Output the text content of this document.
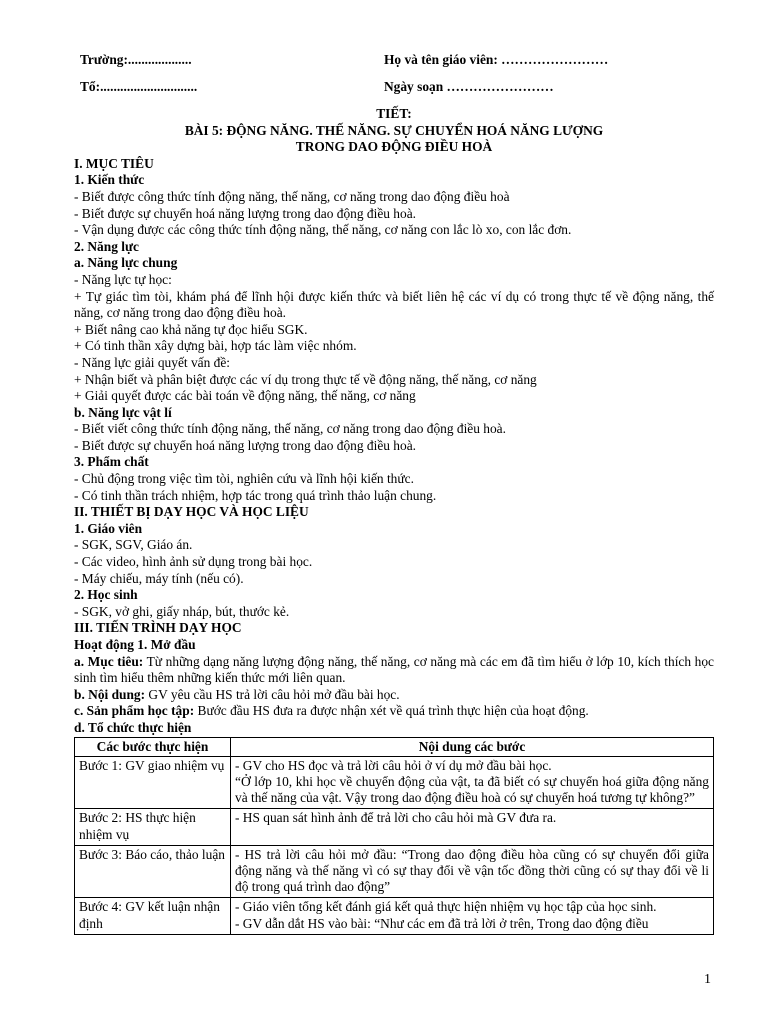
Trường:...................	Họ và tên giáo viên: ……………………
Tổ:.............................	Ngày soạn ……………………
TIẾT:
BÀI 5: ĐỘNG NĂNG. THẾ NĂNG. SỰ CHUYỂN HOÁ NĂNG LƯỢNG
TRONG DAO ĐỘNG ĐIỀU HOÀ
I. MỤC TIÊU
1. Kiến thức
- Biết được công thức tính động năng, thế năng, cơ năng trong dao động điều hoà
- Biết được sự chuyển hoá năng lượng trong dao động điều hoà.
- Vận dụng được các công thức tính động năng, thế năng, cơ năng con lắc lò xo, con lắc đơn.
2. Năng lực
a. Năng lực chung
- Năng lực tự học:
+ Tự giác tìm tòi, khám phá để lĩnh hội được kiến thức và biết liên hệ các ví dụ có trong thực tế về động năng, thế năng, cơ năng trong dao động điều hoà.
+ Biết nâng cao khả năng tự đọc hiểu SGK.
+ Có tinh thần xây dựng bài, hợp tác làm việc nhóm.
- Năng lực giải quyết vấn đề:
+ Nhận biết và phân biệt được các ví dụ trong thực tế về động năng, thế năng, cơ năng
+ Giải quyết được các bài toán về động năng, thế năng, cơ năng
b. Năng lực vật lí
- Biết viết công thức tính động năng, thế năng, cơ năng trong dao động điều hoà.
- Biết được sự chuyển hoá năng lượng trong dao động điều hoà.
3. Phẩm chất
- Chủ động trong việc tìm tòi, nghiên cứu và lĩnh hội kiến thức.
- Có tinh thần trách nhiệm, hợp tác trong quá trình thảo luận chung.
II. THIẾT BỊ DẠY HỌC VÀ HỌC LIỆU
1. Giáo viên
- SGK, SGV, Giáo án.
- Các video, hình ảnh sử dụng trong bài học.
- Máy chiếu, máy tính (nếu có).
2. Học sinh
- SGK, vở ghi, giấy nháp, bút, thước kẻ.
III. TIẾN TRÌNH DẠY HỌC
Hoạt động 1. Mở đầu
a. Mục tiêu: Từ những dạng năng lượng động năng, thế năng, cơ năng mà các em đã tìm hiểu ở lớp 10, kích thích học sinh tìm hiểu thêm những kiến thức mới liên quan.
b. Nội dung: GV yêu cầu HS trả lời câu hỏi mở đầu bài học.
c. Sản phẩm học tập: Bước đầu HS đưa ra được nhận xét về quá trình thực hiện của hoạt động.
d. Tổ chức thực hiện
Các bước thực hiện	Nội dung các bước
Bước 1: GV giao nhiệm vụ	- GV cho HS đọc và trả lời câu hỏi ở ví dụ mở đầu bài học.
“Ở lớp 10, khi học về chuyển động của vật, ta đã biết có sự chuyển hoá giữa động năng và thế năng của vật. Vậy trong dao động điều hoà có sự chuyển hoá tương tự không?”

Bước 2: HS thực hiện nhiệm vụ	- HS quan sát hình ảnh để trả lời cho câu hỏi mà GV đưa ra.

Bước 3: Báo cáo, thảo luận	- HS trả lời câu hỏi mở đầu: “Trong dao động điều hòa cũng có sự chuyển đổi giữa động năng và thế năng vì có sự thay đổi về vận tốc đồng thời cũng có sự thay đổi về li độ trong quá trình dao động”

Bước 4: GV kết luận nhận định	- Giáo viên tổng kết đánh giá kết quả thực hiện nhiệm vụ học tập của học sinh.
- GV dẫn dắt HS vào bài: “Như các em đã trả lời ở trên, Trong dao động điều
1
